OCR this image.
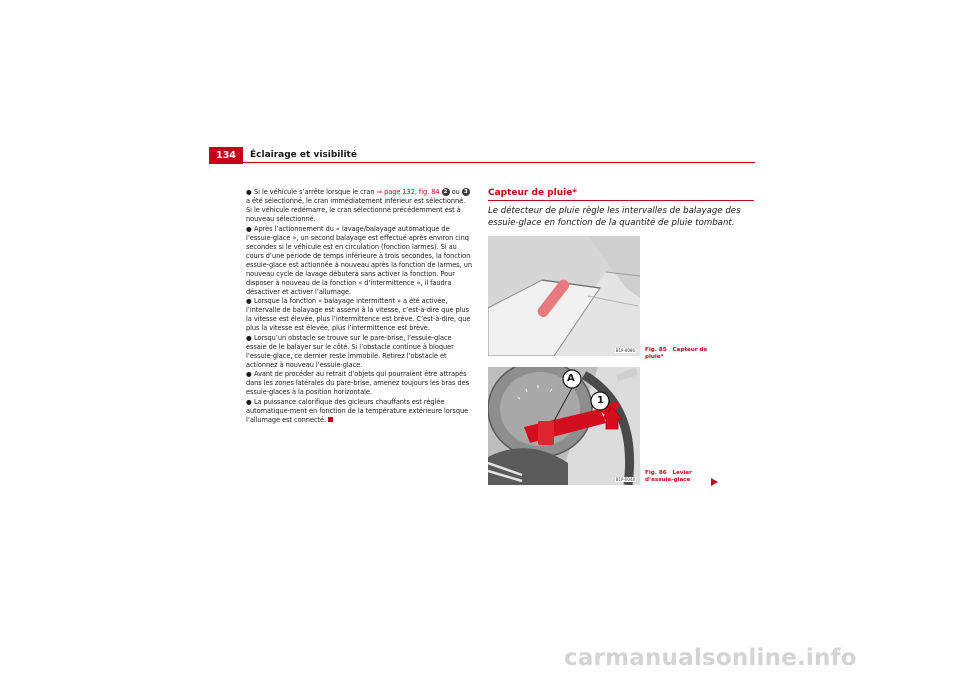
134	Éclairage et visibilité
● Si le véhicule s’arrête lorsque le cran ⇒ page 132, fig. 84 2 ou 3 a été sélectionné, le cran immédiatement inférieur est sélectionné. Si le véhicule redémarre, le cran sélectionné précédemment est à nouveau sélectionné.
● Après l’actionnement du « lavage/balayage automatique de l’essuie-glace », un second balayage est effectué après environ cinq secondes si le véhicule est en circulation (fonction larmes). Si au cours d’une période de temps inférieure à trois secondes, la fonction essuie-glace est actionnée à nouveau après la fonction de larmes, un nouveau cycle de lavage débutera sans activer la fonction. Pour disposer à nouveau de la fonction « d’intermittence », il faudra désactiver et activer l’allumage.
● Lorsque la fonction « balayage intermittent » a été activée, l’intervalle de balayage est asservi à la vitesse, c’est-à-dire que plus la vitesse est élevée, plus l’intermittence est brève. C’est-à-dire, que plus la vitesse est élevée, plus l’intermittence est brève.
● Lorsqu’un obstacle se trouve sur le pare-brise, l’essuie-glace essaie de le balayer sur le côté. Si l’obstacle continue à bloquer l’essuie-glace, ce dernier reste immobile. Retirez l’obstacle et actionnez à nouveau l’essuie-glace.
● Avant de procéder au retrait d’objets qui pourraient être attrapés dans les zones latérales du pare-brise, amenez toujours les bras des essuie-glaces à la position horizontale.
● La puissance calorifique des gicleurs chauffants est réglée automatique-ment en fonction de la température extérieure lorsque l’allumage est connecté.
Capteur de pluie*
Le détecteur de pluie règle les intervalles de balayage des essuie-glace en fonction de la quantité de pluie tombant.
B1P-0086
B1P-0048
A
1
Fig. 85 Capteur de pluie*
Fig. 86 Levier d’essuie-glace
carmanualsonline.info
